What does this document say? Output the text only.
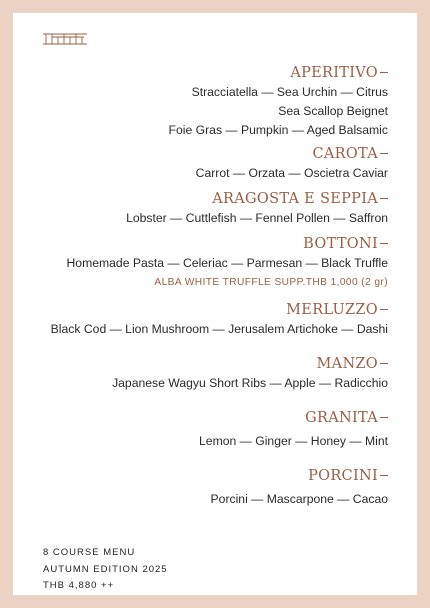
APERITIVO
Stracciatella — Sea Urchin — Citrus
Sea Scallop Beignet
Foie Gras — Pumpkin — Aged Balsamic
CAROTA
Carrot — Orzata — Oscietra Caviar
ARAGOSTA E SEPPIA
Lobster — Cuttlefish — Fennel Pollen — Saffron
BOTTONI
Homemade Pasta — Celeriac — Parmesan — Black Truffle
ALBA WHITE TRUFFLE SUPP.THB 1,000 (2 gr)
MERLUZZO
Black Cod — Lion Mushroom — Jerusalem Artichoke — Dashi
MANZO
Japanese Wagyu Short Ribs — Apple — Radicchio
GRANITA
Lemon — Ginger — Honey — Mint
PORCINI
Porcini — Mascarpone — Cacao
8 COURSE MENU
AUTUMN EDITION 2025
THB 4,880 ++
